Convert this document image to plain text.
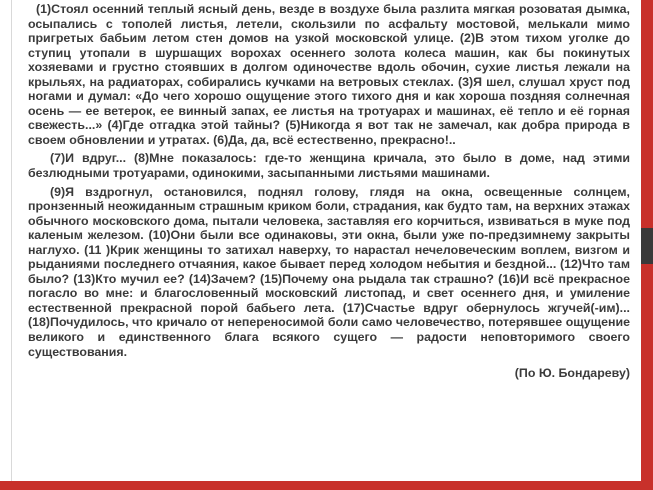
(1)Стоял осенний теплый ясный день, везде в воздухе была разлита мягкая розоватая дымка, осыпались с тополей листья, летели, скользили по асфальту мостовой, мелькали мимо пригретых бабьим летом стен домов на узкой московской улице. (2)В этом тихом уголке до ступиц утопали в шуршащих ворохах осеннего золота колеса машин, как бы покинутых хозяевами и грустно стоявших в долгом одиночестве вдоль обочин, сухие листья лежали на крыльях, на радиаторах, собирались кучками на ветровых стеклах. (3)Я шел, слушал хруст под ногами и думал: «До чего хорошо ощущение этого тихого дня и как хороша поздняя солнечная осень — ее ветерок, ее винный запах, ее листья на тротуарах и машинах, её тепло и её горная свежесть...» (4)Где отгадка этой тайны? (5)Никогда я вот так не замечал, как добра природа в своем обновлении и утратах. (6)Да, да, всё естественно, прекрасно!..

(7)И вдруг... (8)Мне показалось: где-то женщина кричала, это было в доме, над этими безлюдными тротуарами, одинокими, засыпанными листьями машинами.

(9)Я вздрогнул, остановился, поднял голову, глядя на окна, освещенные солнцем, пронзенный неожиданным страшным криком боли, страдания, как будто там, на верхних этажах обычного московского дома, пытали человека, заставляя его корчиться, извиваться в муке под каленым железом. (10)Они были все одинаковы, эти окна, были уже по-предзимнему закрыты наглухо. (11 )Крик женщины то затихал наверху, то нарастал нечеловеческим воплем, визгом и рыданиями последнего отчаяния, какое бывает перед холодом небытия и бездной... (12)Что там было? (13)Кто мучил ее? (14)Зачем? (15)Почему она рыдала так страшно? (16)И всё прекрасное погасло во мне: и благословенный московский листопад, и свет осеннего дня, и умиление естественной прекрасной порой бабьего лета. (17)Счастье вдруг обернулось жгучей(-им)... (18)Почудилось, что кричало от непереносимой боли само человечество, потерявшее ощущение великого и единственного блага всякого сущего — радости неповторимого своего существования.

(По Ю. Бондареву)
